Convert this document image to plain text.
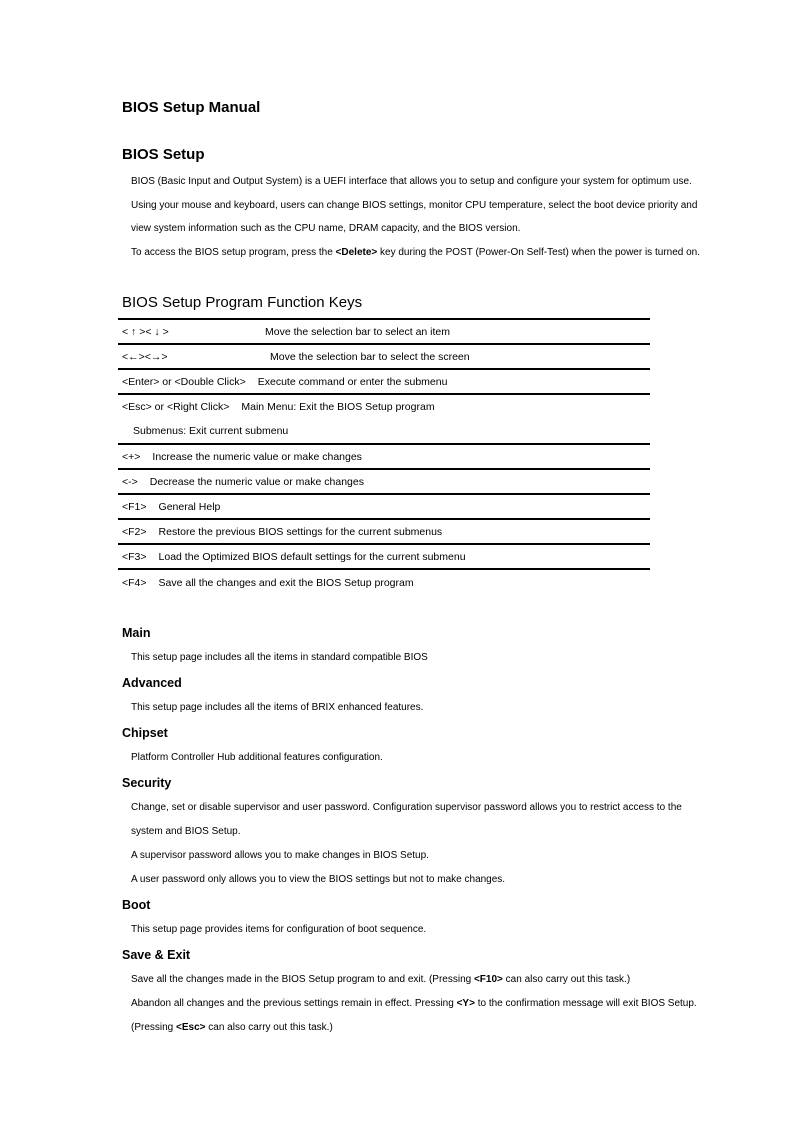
BIOS Setup Manual
BIOS Setup
BIOS (Basic Input and Output System) is a UEFI interface that allows you to setup and configure your system for optimum use.
Using your mouse and keyboard, users can change BIOS settings, monitor CPU temperature, select the boot device priority and
view system information such as the CPU name, DRAM capacity, and the BIOS version.
To access the BIOS setup program, press the <Delete> key during the POST (Power-On Self-Test) when the power is turned on.
BIOS Setup Program Function Keys
< ↑ >< ↓ >	Move the selection bar to select an item
<←><→>	Move the selection bar to select the screen
<Enter> or <Double Click> Execute command or enter the submenu
<Esc> or <Right Click> Main Menu: Exit the BIOS Setup program
Submenus: Exit current submenu
<+> Increase the numeric value or make changes
<-> Decrease the numeric value or make changes
<F1> General Help
<F2> Restore the previous BIOS settings for the current submenus
<F3> Load the Optimized BIOS default settings for the current submenu
<F4> Save all the changes and exit the BIOS Setup program
Main
This setup page includes all the items in standard compatible BIOS
Advanced
This setup page includes all the items of BRIX enhanced features.
Chipset
Platform Controller Hub additional features configuration.
Security
Change, set or disable supervisor and user password. Configuration supervisor password allows you to restrict access to the
system and BIOS Setup.
A supervisor password allows you to make changes in BIOS Setup.
A user password only allows you to view the BIOS settings but not to make changes.
Boot
This setup page provides items for configuration of boot sequence.
Save & Exit
Save all the changes made in the BIOS Setup program to and exit. (Pressing <F10> can also carry out this task.)
Abandon all changes and the previous settings remain in effect. Pressing <Y> to the confirmation message will exit BIOS Setup.
(Pressing <Esc> can also carry out this task.)
